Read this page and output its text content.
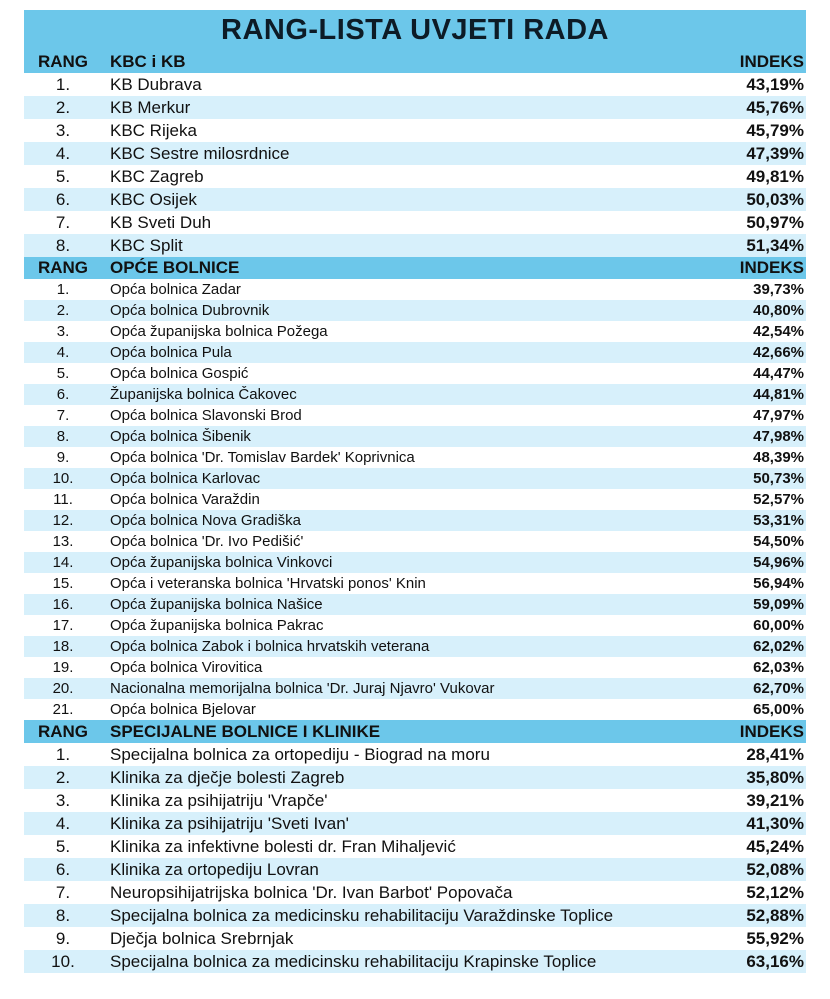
RANG-LISTA UVJETI RADA
RANG	KBC i KB	INDEKS
1.	KB Dubrava	43,19%
2.	KB Merkur	45,76%
3.	KBC Rijeka	45,79%
4.	KBC Sestre milosrdnice	47,39%
5.	KBC Zagreb	49,81%
6.	KBC Osijek	50,03%
7.	KB Sveti Duh	50,97%
8.	KBC Split	51,34%
RANG	OPĆE BOLNICE	INDEKS
1.	Opća bolnica Zadar	39,73%
2.	Opća bolnica Dubrovnik	40,80%
3.	Opća županijska bolnica Požega	42,54%
4.	Opća bolnica Pula	42,66%
5.	Opća bolnica Gospić	44,47%
6.	Županijska bolnica Čakovec	44,81%
7.	Opća bolnica Slavonski Brod	47,97%
8.	Opća bolnica Šibenik	47,98%
9.	Opća bolnica 'Dr. Tomislav Bardek' Koprivnica	48,39%
10.	Opća bolnica Karlovac	50,73%
11.	Opća bolnica Varaždin	52,57%
12.	Opća bolnica Nova Gradiška	53,31%
13.	Opća bolnica 'Dr. Ivo Pedišić'	54,50%
14.	Opća županijska bolnica Vinkovci	54,96%
15.	Opća i veteranska bolnica 'Hrvatski ponos' Knin	56,94%
16.	Opća županijska bolnica Našice	59,09%
17.	Opća županijska bolnica Pakrac	60,00%
18.	Opća bolnica Zabok i bolnica hrvatskih veterana	62,02%
19.	Opća bolnica Virovitica	62,03%
20.	Nacionalna memorijalna bolnica 'Dr. Juraj Njavro' Vukovar	62,70%
21.	Opća bolnica Bjelovar	65,00%
RANG	SPECIJALNE BOLNICE I KLINIKE	INDEKS
1.	Specijalna bolnica za ortopediju - Biograd na moru	28,41%
2.	Klinika za dječje bolesti Zagreb	35,80%
3.	Klinika za psihijatriju 'Vrapče'	39,21%
4.	Klinika za psihijatriju 'Sveti Ivan'	41,30%
5.	Klinika za infektivne bolesti dr. Fran Mihaljević	45,24%
6.	Klinika za ortopediju Lovran	52,08%
7.	Neuropsihijatrijska bolnica 'Dr. Ivan Barbot' Popovača	52,12%
8.	Specijalna bolnica za medicinsku rehabilitaciju Varaždinske Toplice	52,88%
9.	Dječja bolnica Srebrnjak	55,92%
10.	Specijalna bolnica za medicinsku rehabilitaciju Krapinske Toplice	63,16%
